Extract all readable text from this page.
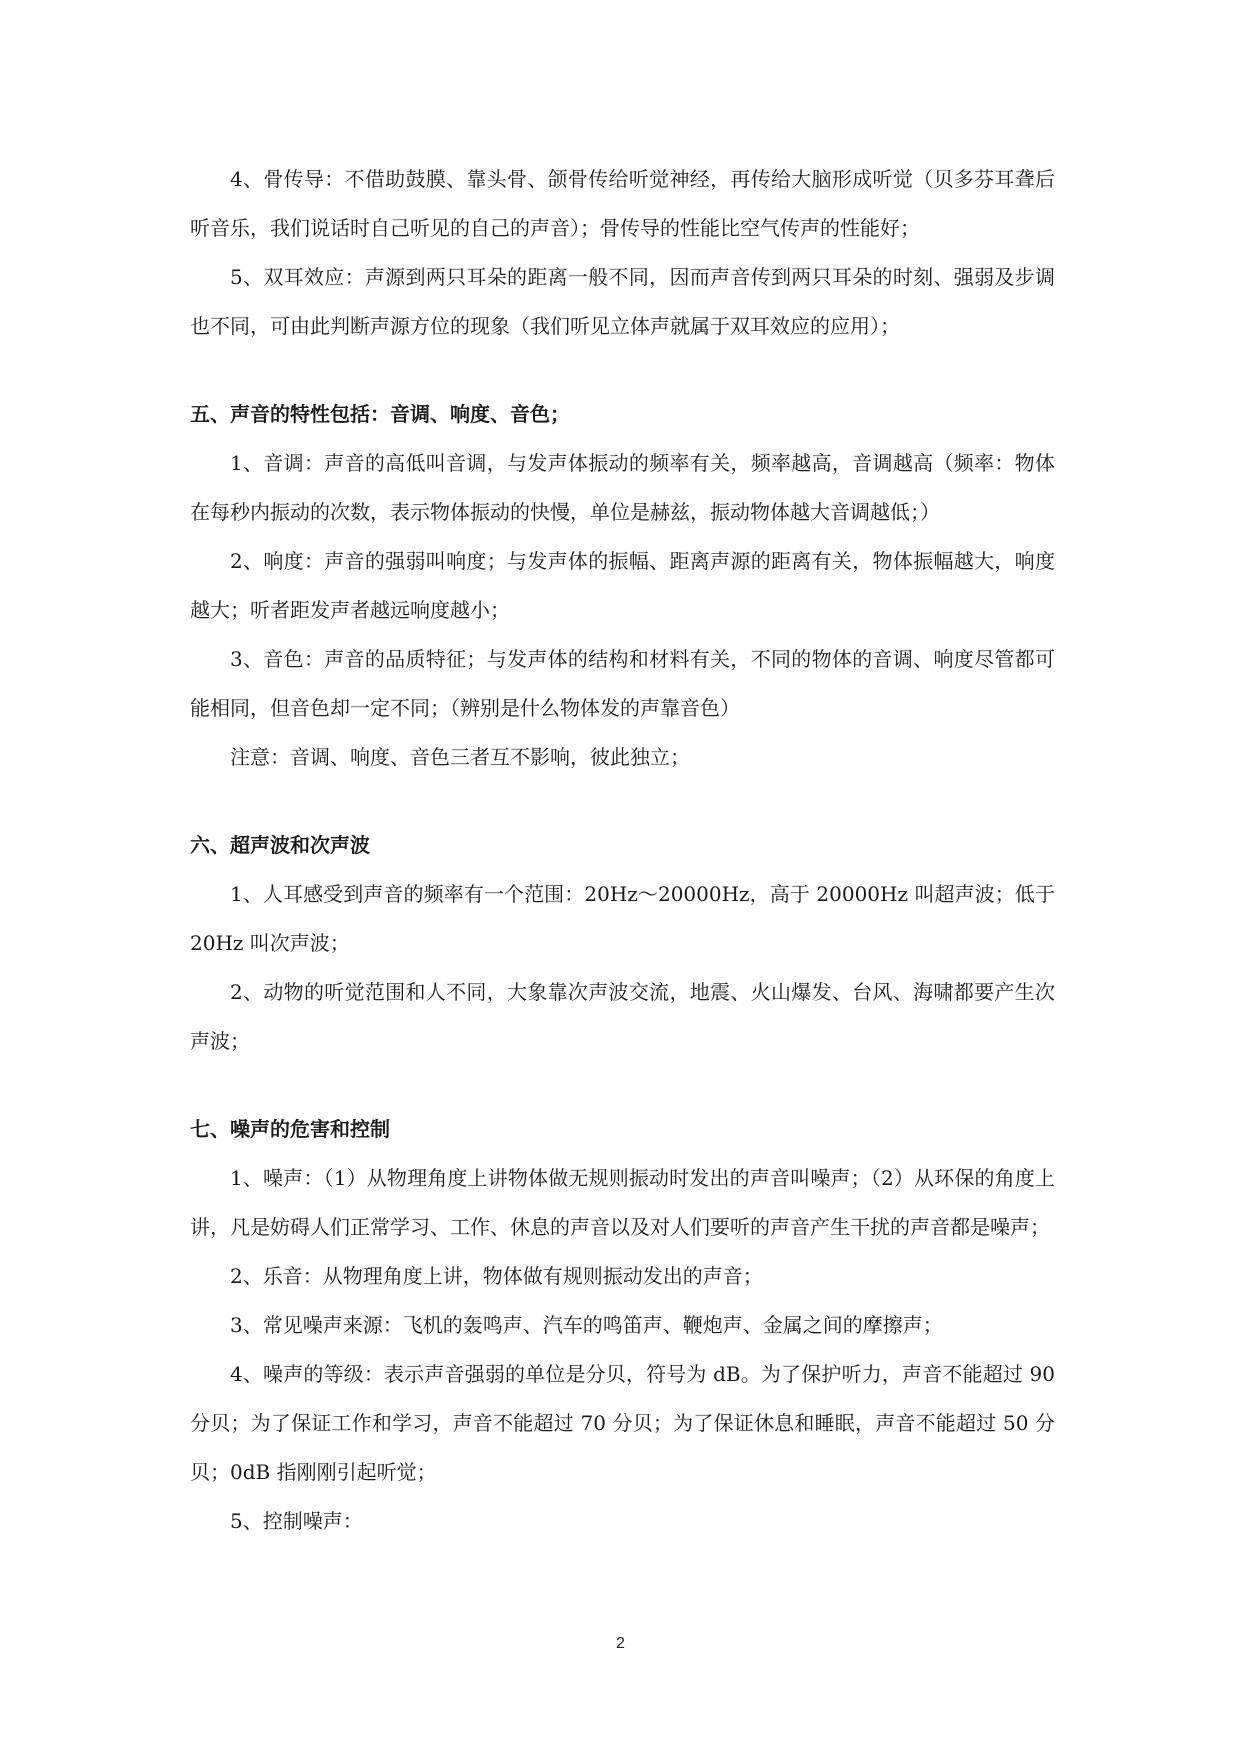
4、骨传导：不借助鼓膜、靠头骨、颌骨传给听觉神经，再传给大脑形成听觉（贝多芬耳聋后听音乐，我们说话时自己听见的自己的声音）；骨传导的性能比空气传声的性能好；

5、双耳效应：声源到两只耳朵的距离一般不同，因而声音传到两只耳朵的时刻、强弱及步调也不同，可由此判断声源方位的现象（我们听见立体声就属于双耳效应的应用）；

五、声音的特性包括：音调、响度、音色；

1、音调：声音的高低叫音调，与发声体振动的频率有关，频率越高，音调越高（频率：物体在每秒内振动的次数，表示物体振动的快慢，单位是赫兹，振动物体越大音调越低；）

2、响度：声音的强弱叫响度；与发声体的振幅、距离声源的距离有关，物体振幅越大，响度越大；听者距发声者越远响度越小；

3、音色：声音的品质特征；与发声体的结构和材料有关，不同的物体的音调、响度尽管都可能相同，但音色却一定不同；（辨别是什么物体发的声靠音色）

注意：音调、响度、音色三者互不影响，彼此独立；

六、超声波和次声波

1、人耳感受到声音的频率有一个范围：20Hz～20000Hz，高于 20000Hz 叫超声波；低于 20Hz 叫次声波；

2、动物的听觉范围和人不同，大象靠次声波交流，地震、火山爆发、台风、海啸都要产生次声波；

七、噪声的危害和控制

1、噪声：（1）从物理角度上讲物体做无规则振动时发出的声音叫噪声；（2）从环保的角度上讲，凡是妨碍人们正常学习、工作、休息的声音以及对人们要听的声音产生干扰的声音都是噪声；

2、乐音：从物理角度上讲，物体做有规则振动发出的声音；

3、常见噪声来源：飞机的轰鸣声、汽车的鸣笛声、鞭炮声、金属之间的摩擦声；

4、噪声的等级：表示声音强弱的单位是分贝，符号为 dB。为了保护听力，声音不能超过 90 分贝；为了保证工作和学习，声音不能超过 70 分贝；为了保证休息和睡眠，声音不能超过 50 分贝；0dB 指刚刚引起听觉；

5、控制噪声：

2
